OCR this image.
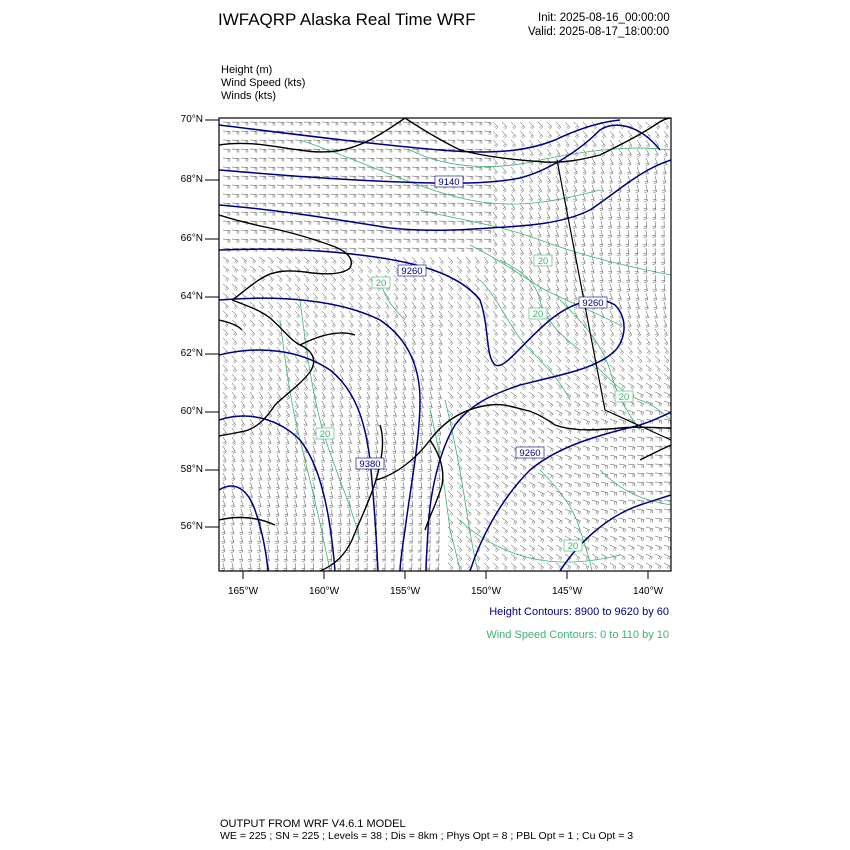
IWFAQRP Alaska Real Time WRF	Init: 2025-08-16_00:00:00
Valid: 2025-08-17_18:00:00
Height (m)
Wind Speed (kts)
Winds (kts)
9140
9260
9260
9260
9380
20
20
20
20
20
20
70°N
68°N
66°N
64°N
62°N
60°N
58°N
56°N
165°W	160°W	155°W	150°W	145°W	140°W
Height Contours: 8900 to 9620 by 60
Wind Speed Contours: 0 to 110 by 10
OUTPUT FROM WRF V4.6.1 MODEL
WE = 225 ; SN = 225 ; Levels = 38 ; Dis = 8km ; Phys Opt = 8 ; PBL Opt = 1 ; Cu Opt = 3
